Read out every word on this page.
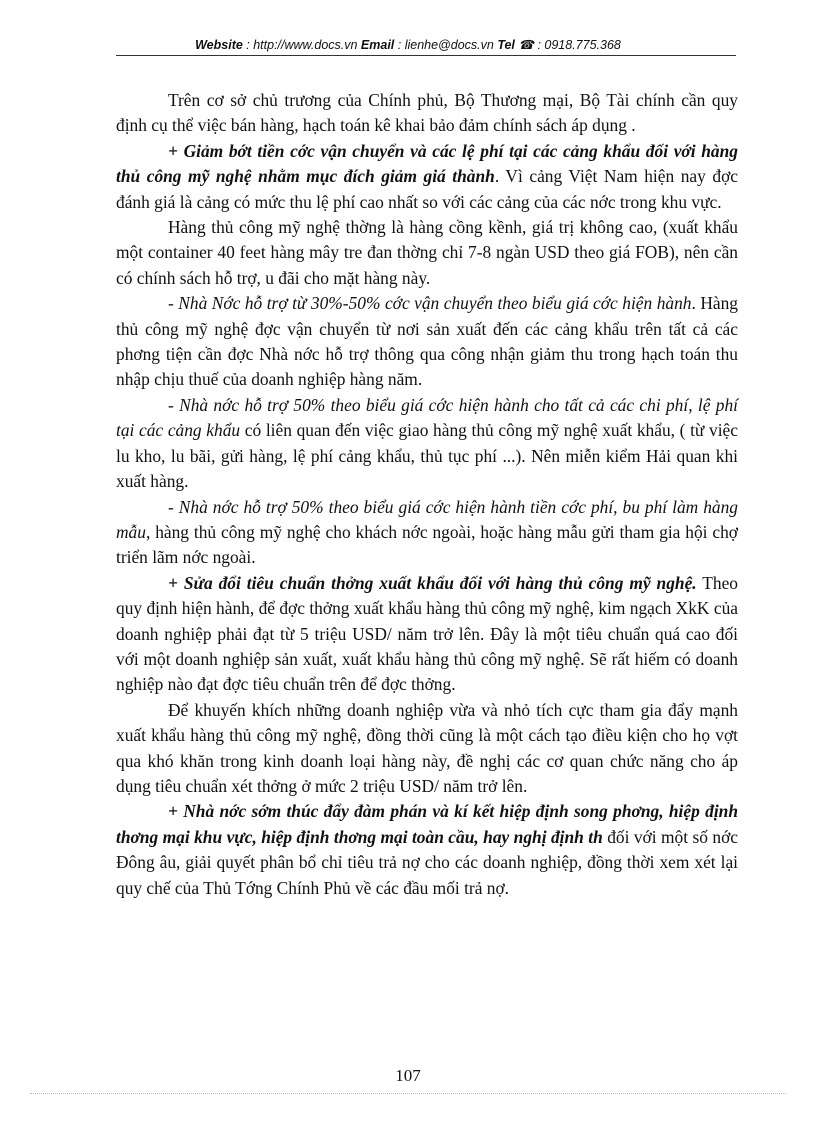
Website : http://www.docs.vn Email : lienhe@docs.vn Tel ☎ : 0918.775.368

Trên cơ sở chủ trương của Chính phủ, Bộ Thương mại, Bộ Tài chính cần quy định cụ thể việc bán hàng, hạch toán kê khai bảo đảm chính sách áp dụng .

+ Giảm bớt tiền cớc vận chuyển và các lệ phí tại các cảng khẩu đối với hàng thủ công mỹ nghệ nhằm mục đích giảm giá thành. Vì cảng Việt Nam hiện nay đợc đánh giá là cảng có mức thu lệ phí cao nhất so với các cảng của các nớc trong khu vực.

Hàng thủ công mỹ nghệ thờng là hàng cồng kềnh, giá trị không cao, (xuất khẩu một container 40 feet hàng mây tre đan thờng chỉ 7-8 ngàn USD theo giá FOB), nên cần có chính sách hỗ trợ, u đãi cho mặt hàng này.

- Nhà Nớc hỗ trợ từ 30%-50% cớc vận chuyển theo biểu giá cớc hiện hành. Hàng thủ công mỹ nghệ đợc vận chuyển từ nơi sản xuất đến các cảng khẩu trên tất cả các phơng tiện cần đợc Nhà nớc hỗ trợ thông qua công nhận giảm thu trong hạch toán thu nhập chịu thuế của doanh nghiệp hàng năm.

- Nhà nớc hỗ trợ 50% theo biểu giá cớc hiện hành cho tất cả các chi phí, lệ phí tại các cảng khẩu có liên quan đến việc giao hàng thủ công mỹ nghệ xuất khẩu, ( từ việc lu kho, lu bãi, gửi hàng, lệ phí cảng khẩu, thủ tục phí ...). Nên miễn kiểm Hải quan khi xuất hàng.

- Nhà nớc hỗ trợ 50% theo biểu giá cớc hiện hành tiền cớc phí, bu phí làm hàng mẫu, hàng thủ công mỹ nghệ cho khách nớc ngoài, hoặc hàng mẫu gửi tham gia hội chợ triển lãm nớc ngoài.

+ Sửa đổi tiêu chuẩn thởng xuất khẩu đối với hàng thủ công mỹ nghệ. Theo quy định hiện hành, để đợc thởng xuất khẩu hàng thủ công mỹ nghệ, kim ngạch XkK của doanh nghiệp phải đạt từ 5 triệu USD/ năm trở lên. Đây là một tiêu chuẩn quá cao đối với một doanh nghiệp sản xuất, xuất khẩu hàng thủ công mỹ nghệ. Sẽ rất hiếm có doanh nghiệp nào đạt đợc tiêu chuẩn trên để đợc thởng.

Để khuyến khích những doanh nghiệp vừa và nhỏ tích cực tham gia đẩy mạnh xuất khẩu hàng thủ công mỹ nghệ, đồng thời cũng là một cách tạo điều kiện cho họ vợt qua khó khăn trong kinh doanh loại hàng này, đề nghị các cơ quan chức năng cho áp dụng tiêu chuẩn xét thởng ở mức 2 triệu USD/ năm trở lên.

+ Nhà nớc sớm thúc đẩy đàm phán và kí kết hiệp định song phơng, hiệp định thơng mại khu vực, hiệp định thơng mại toàn cầu, hay nghị định th đối với một số nớc Đông âu, giải quyết phân bổ chỉ tiêu trả nợ cho các doanh nghiệp, đồng thời xem xét lại quy chế của Thủ Tớng Chính Phủ về các đầu mối trả nợ.

107
